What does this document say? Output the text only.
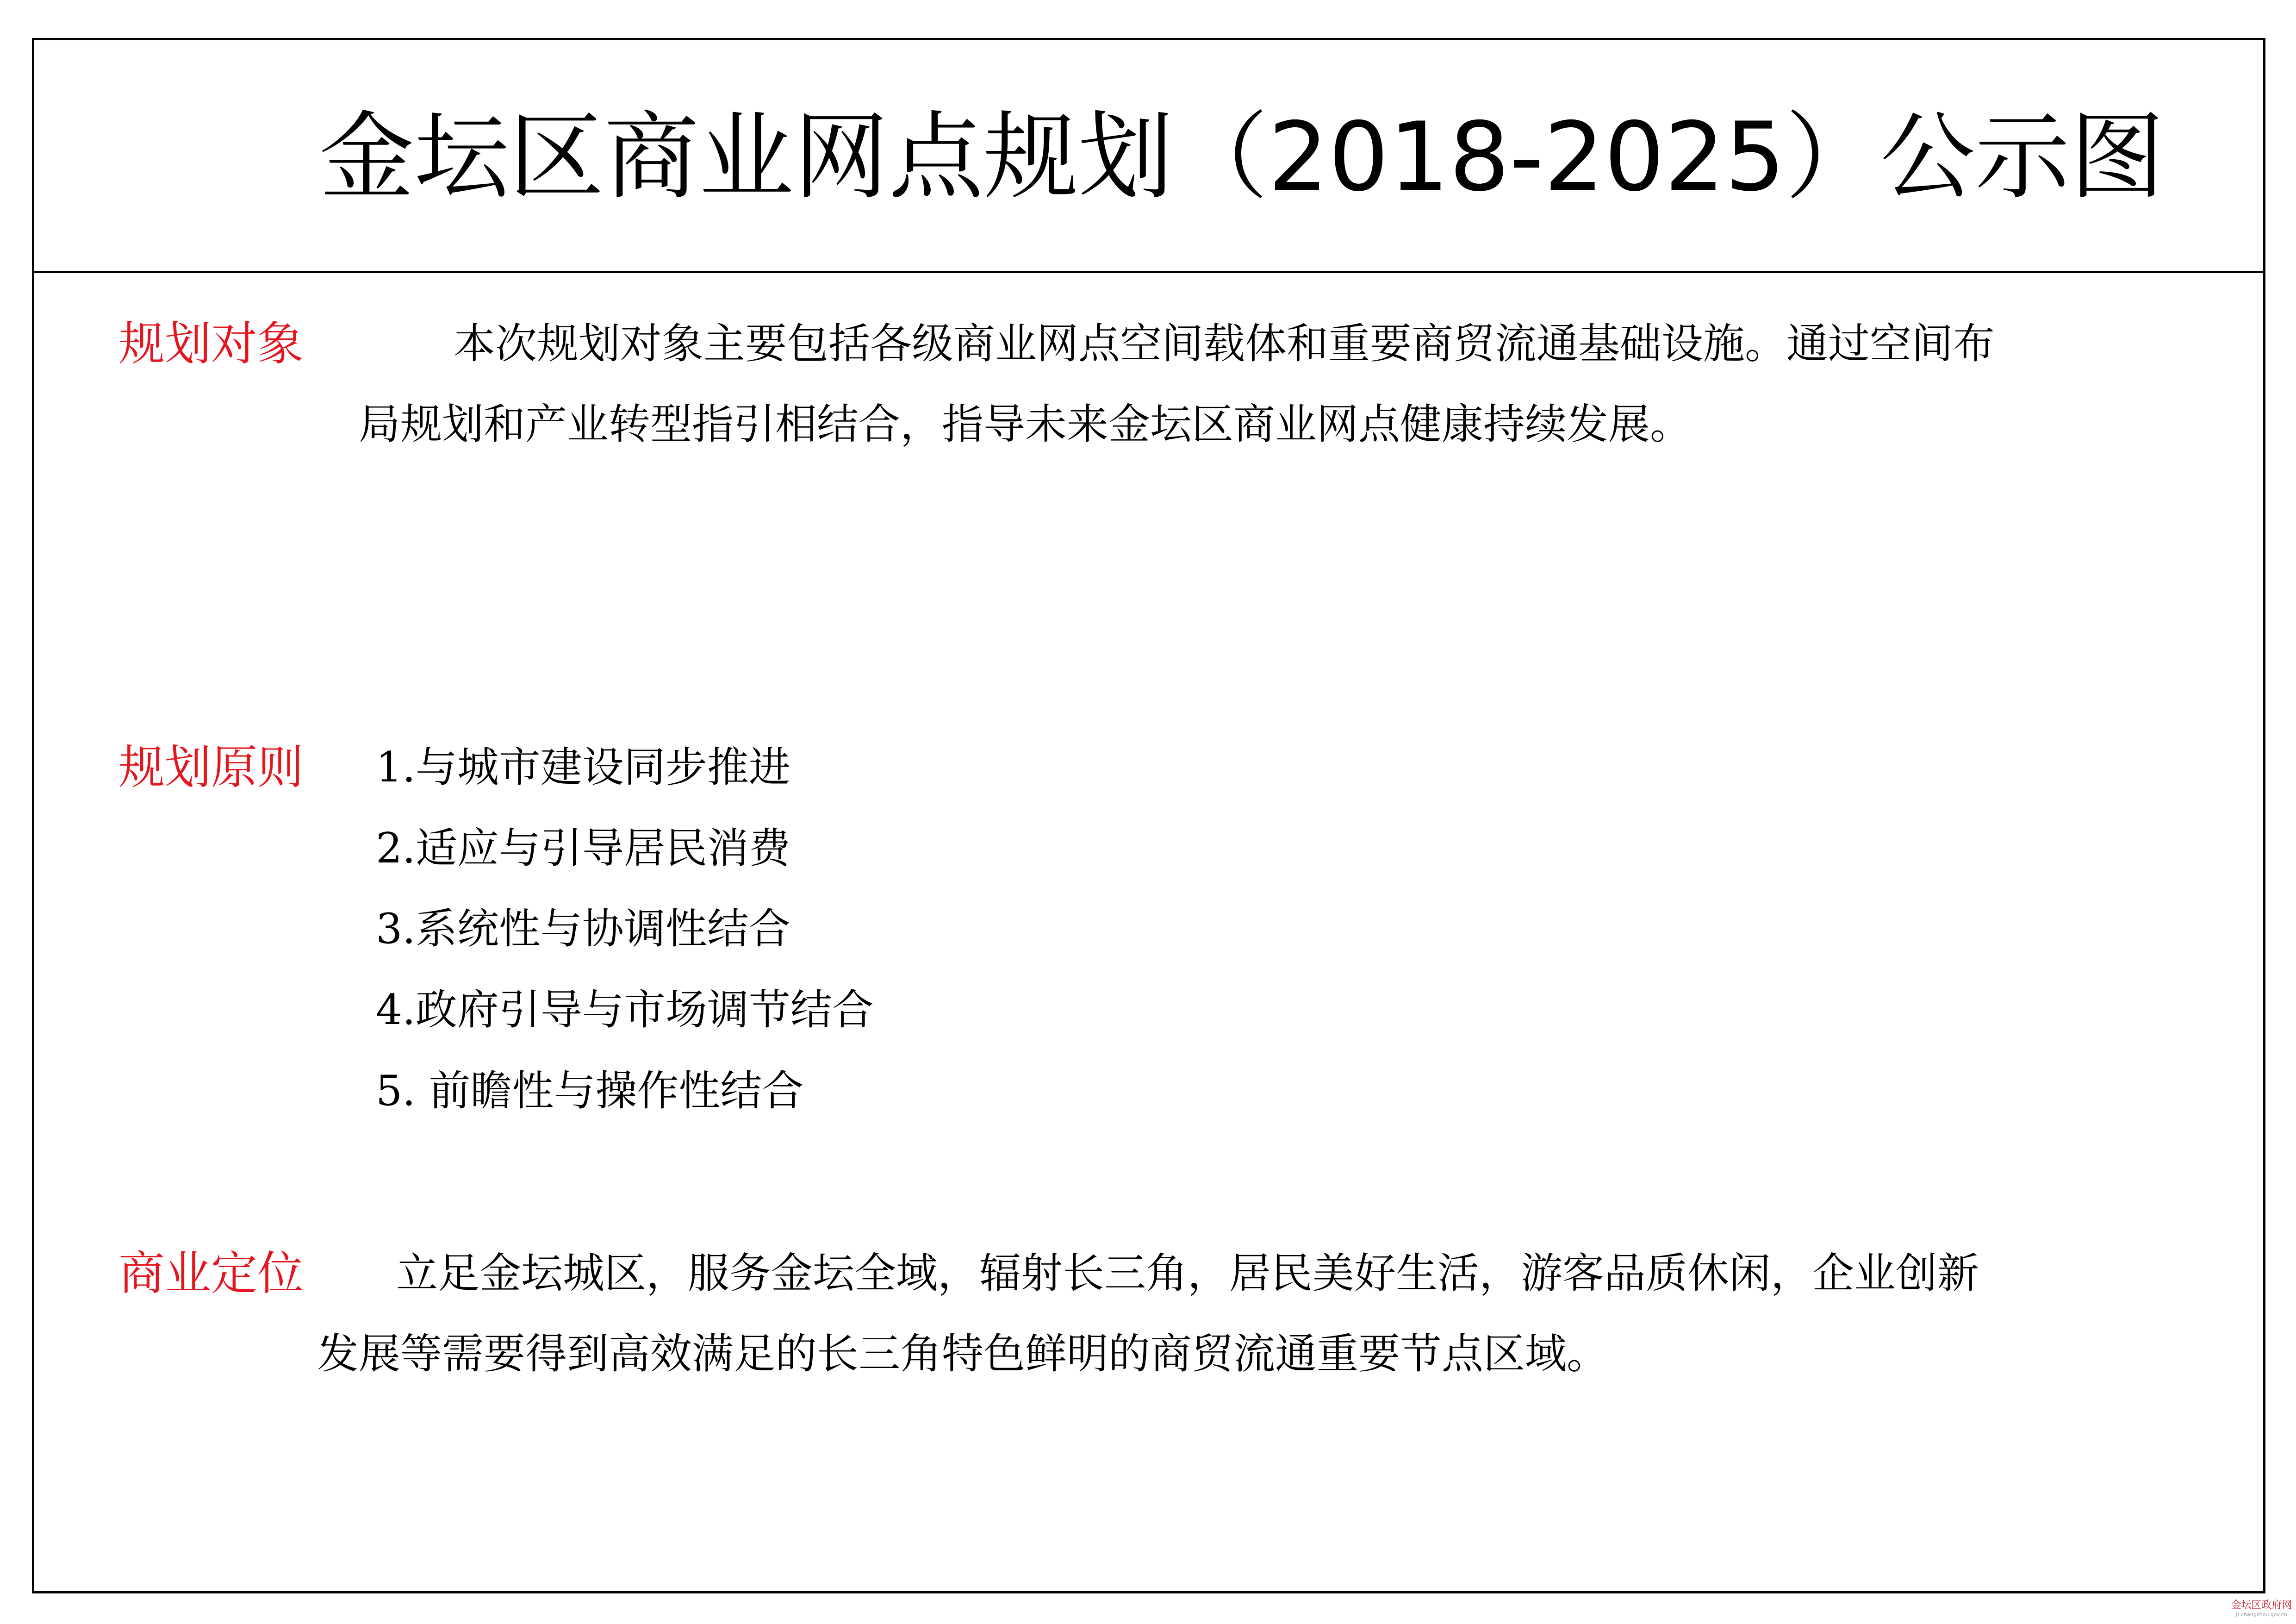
金坛区商业网点规划（2018-2025）公示图
规划对象	本次规划对象主要包括各级商业网点空间载体和重要商贸流通基础设施。通过空间布
局规划和产业转型指引相结合，指导未来金坛区商业网点健康持续发展。
规划原则 1.与城市建设同步推进
2.适应与引导居民消费
3.系统性与协调性结合
4.政府引导与市场调节结合
5. 前瞻性与操作性结合
商业定位 立足金坛城区，服务金坛全域，辐射长三角，居民美好生活，游客品质休闲，企业创新
发展等需要得到高效满足的长三角特色鲜明的商贸流通重要节点区域。
金坛区政府网
jt.changzhou.gov.cn
